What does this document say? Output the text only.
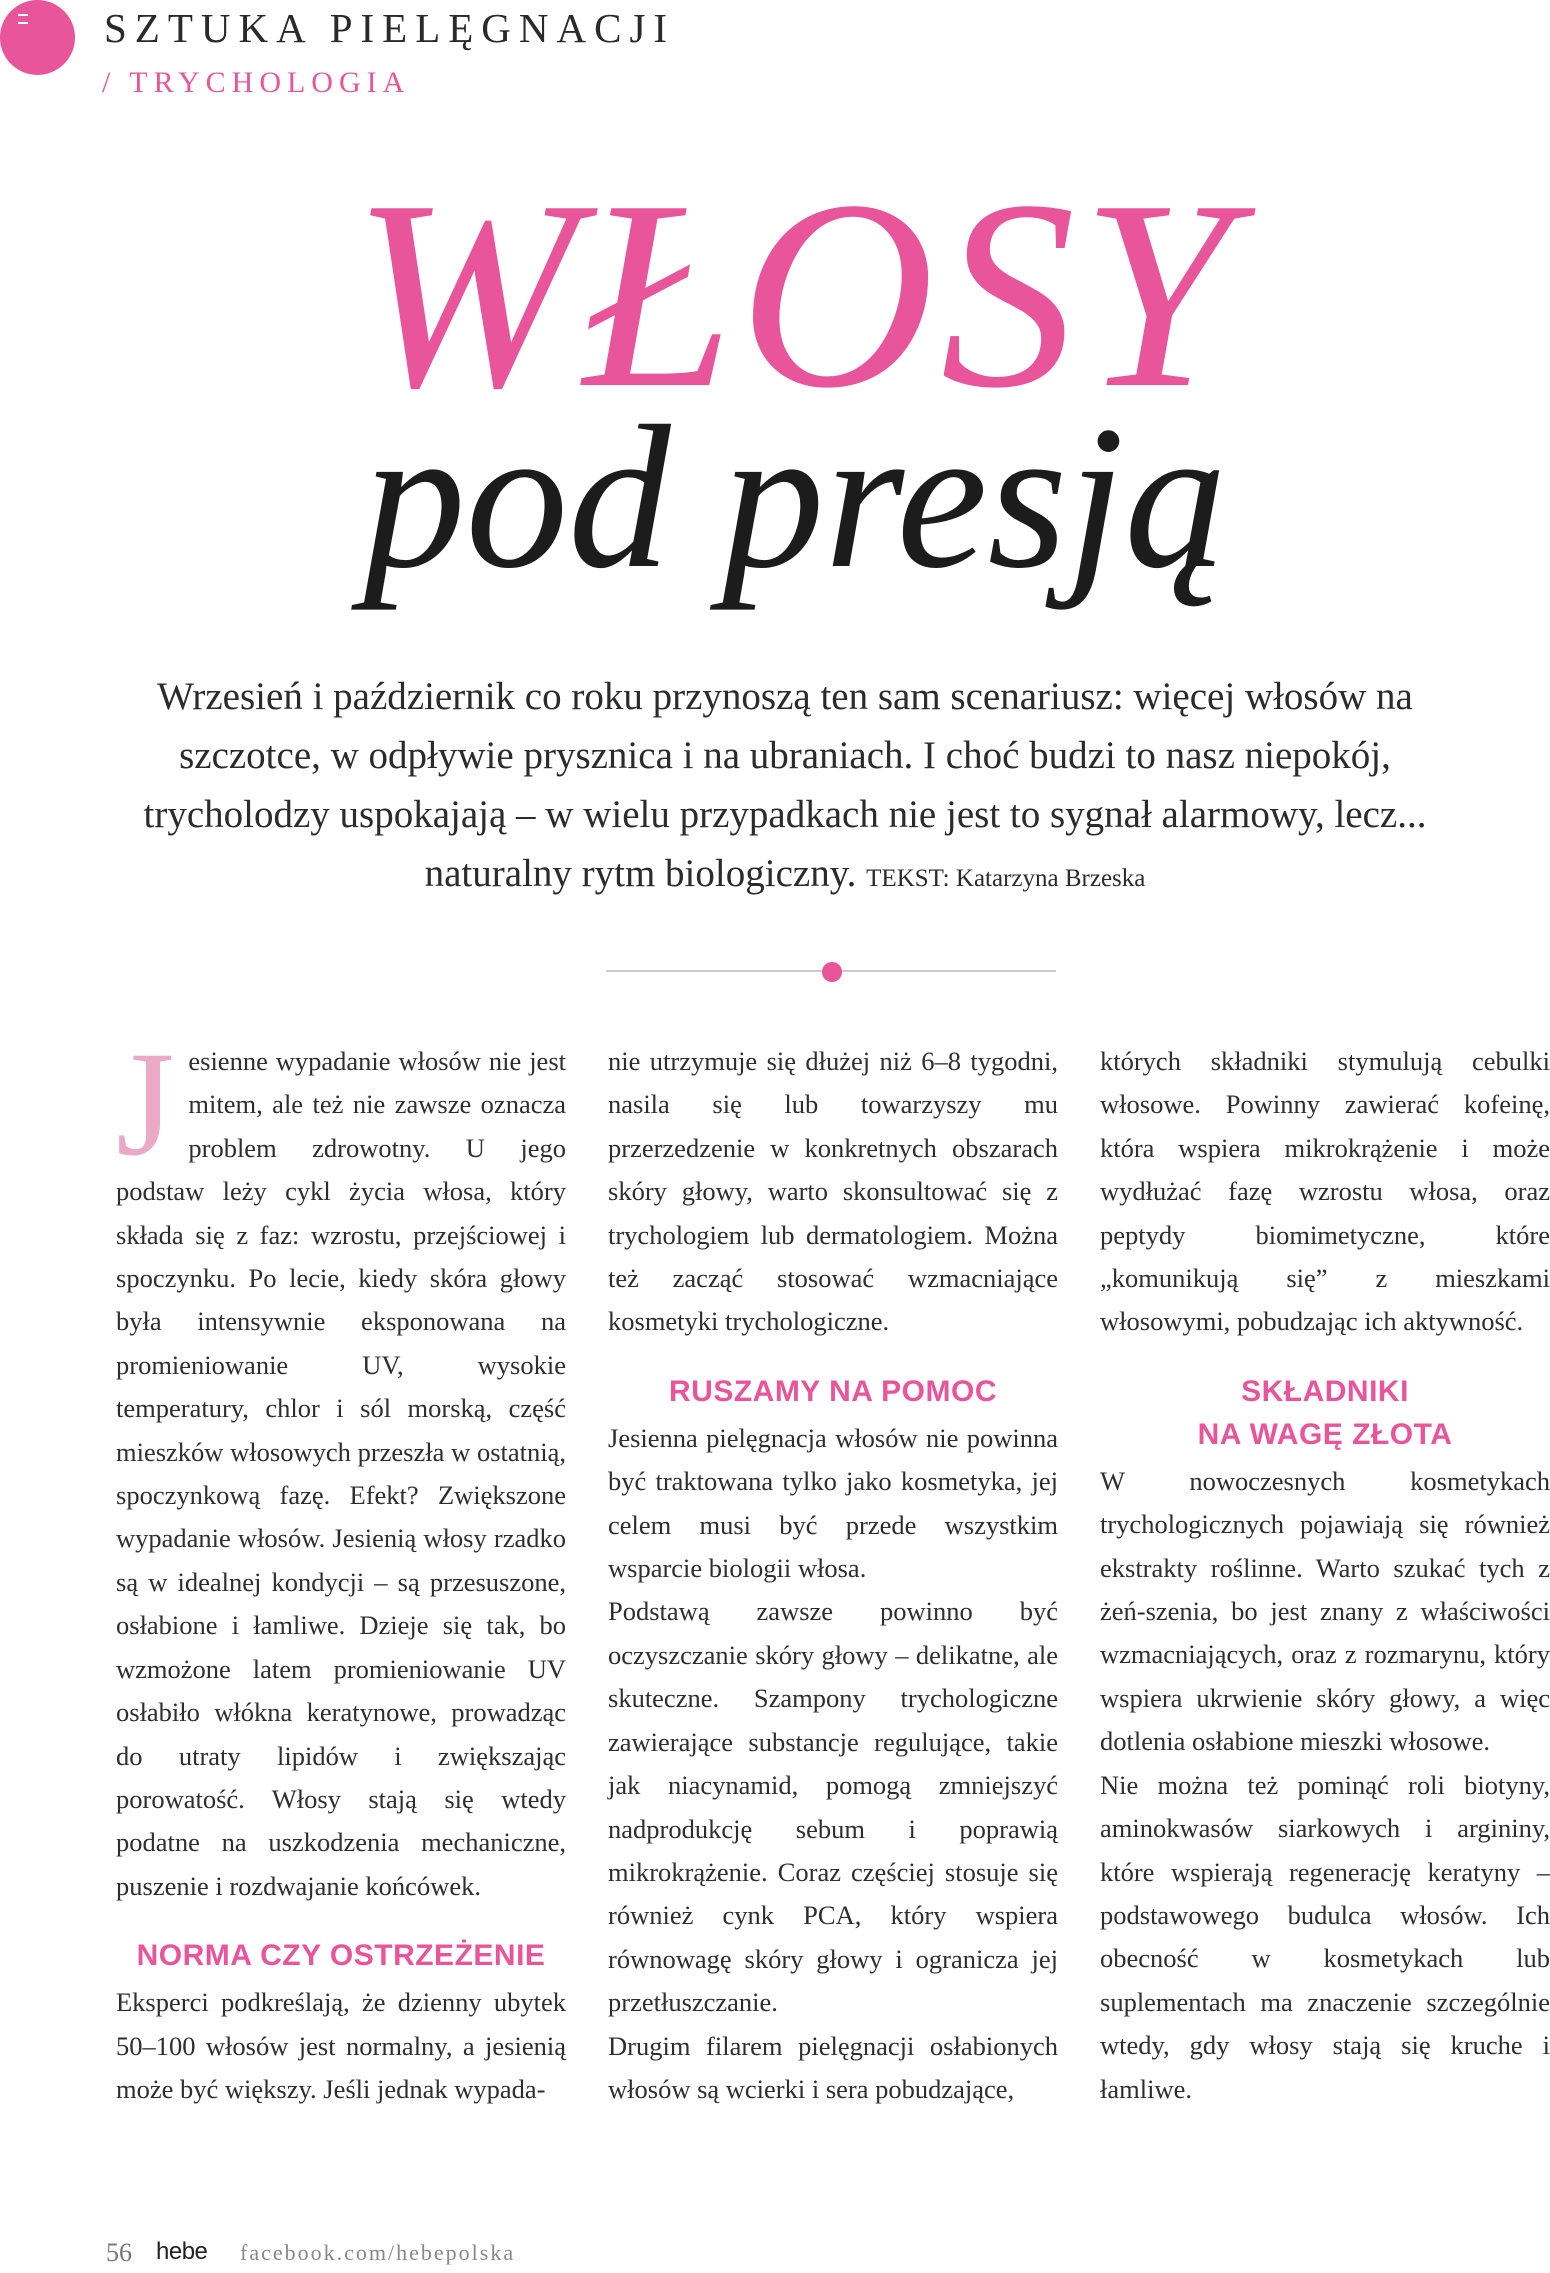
SZTUKA PIELĘGNACJI
/ TRYCHOLOGIA
WŁOSY
pod presją
Wrzesień i październik co roku przynoszą ten sam scenariusz: więcej włosów na szczotce, w odpływie prysznica i na ubraniach. I choć budzi to nasz niepokój, trycholodzy uspokajają – w wielu przypadkach nie jest to sygnał alarmowy, lecz... naturalny rytm biologiczny. TEKST: Katarzyna Brzeska

Jesienne wypadanie włosów nie jest mitem, ale też nie zawsze oznacza problem zdrowotny. U jego podstaw leży cykl życia włosa, który składa się z faz: wzrostu, przejściowej i spoczynku. Po lecie, kiedy skóra głowy była intensywnie eksponowana na promieniowanie UV, wysokie temperatury, chlor i sól morską, część mieszków włosowych przeszła w ostatnią, spoczynkową fazę. Efekt? Zwiększone wypadanie włosów. Jesienią włosy rzadko są w idealnej kondycji – są przesuszone, osłabione i łamliwe. Dzieje się tak, bo wzmożone latem promieniowanie UV osłabiło włókna keratynowe, prowadząc do utraty lipidów i zwiększając porowatość. Włosy stają się wtedy podatne na uszkodzenia mechaniczne, puszenie i rozdwajanie końcówek.

NORMA CZY OSTRZEŻENIE

Eksperci podkreślają, że dzienny ubytek 50–100 włosów jest normalny, a jesienią może być większy. Jeśli jednak wypada-

nie utrzymuje się dłużej niż 6–8 tygodni, nasila się lub towarzyszy mu przerzedzenie w konkretnych obszarach skóry głowy, warto skonsultować się z trychologiem lub dermatologiem. Można też zacząć stosować wzmacniające kosmetyki trychologiczne.

RUSZAMY NA POMOC

Jesienna pielęgnacja włosów nie powinna być traktowana tylko jako kosmetyka, jej celem musi być przede wszystkim wsparcie biologii włosa.

Podstawą zawsze powinno być oczyszczanie skóry głowy – delikatne, ale skuteczne. Szampony trychologiczne zawierające substancje regulujące, takie jak niacynamid, pomogą zmniejszyć nadprodukcję sebum i poprawią mikrokrążenie. Coraz częściej stosuje się również cynk PCA, który wspiera równowagę skóry głowy i ogranicza jej przetłuszczanie.

Drugim filarem pielęgnacji osłabionych włosów są wcierki i sera pobudzające,

których składniki stymulują cebulki włosowe. Powinny zawierać kofeinę, która wspiera mikrokrążenie i może wydłużać fazę wzrostu włosa, oraz peptydy biomimetyczne, które „komunikują się” z mieszkami włosowymi, pobudzając ich aktywność.

SKŁADNIKI
NA WAGĘ ZŁOTA

W nowoczesnych kosmetykach trychologicznych pojawiają się również ekstrakty roślinne. Warto szukać tych z żeń-szenia, bo jest znany z właściwości wzmacniających, oraz z rozmarynu, który wspiera ukrwienie skóry głowy, a więc dotlenia osłabione mieszki włosowe.

Nie można też pominąć roli biotyny, aminokwasów siarkowych i argininy, które wspierają regenerację keratyny – podstawowego budulca włosów. Ich obecność w kosmetykach lub suplementach ma znaczenie szczególnie wtedy, gdy włosy stają się kruche i łamliwe.

56 hebe facebook.com/hebepolska
